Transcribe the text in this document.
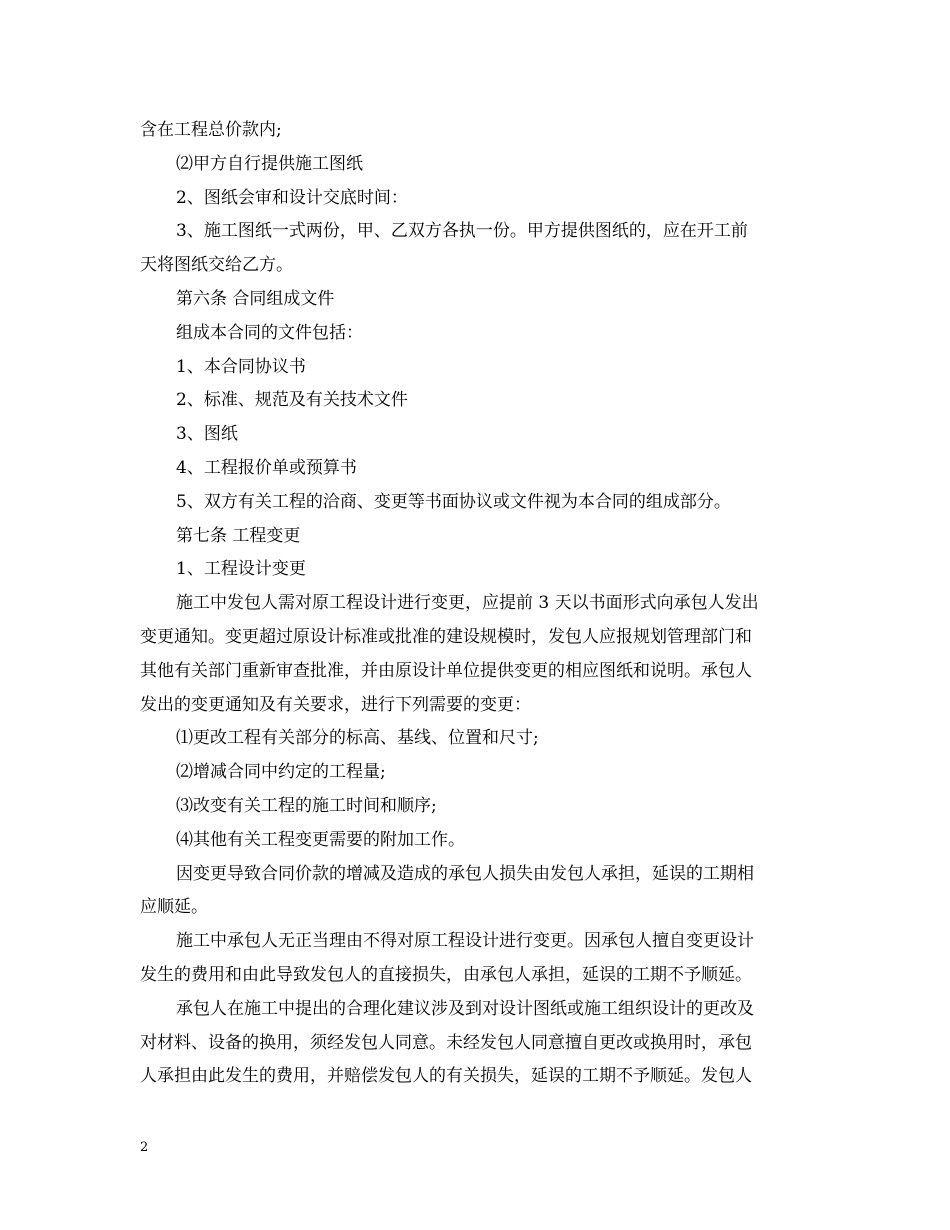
含在工程总价款内;
⑵甲方自行提供施工图纸
2、图纸会审和设计交底时间：
3、施工图纸一式两份，甲、乙双方各执一份。甲方提供图纸的，应在开工前
天将图纸交给乙方。
第六条 合同组成文件
组成本合同的文件包括：
1、本合同协议书
2、标准、规范及有关技术文件
3、图纸
4、工程报价单或预算书
5、双方有关工程的洽商、变更等书面协议或文件视为本合同的组成部分。
第七条 工程变更
1、工程设计变更
施工中发包人需对原工程设计进行变更，应提前 3 天以书面形式向承包人发出
变更通知。变更超过原设计标准或批准的建设规模时，发包人应报规划管理部门和
其他有关部门重新审查批准，并由原设计单位提供变更的相应图纸和说明。承包人
发出的变更通知及有关要求，进行下列需要的变更：
⑴更改工程有关部分的标高、基线、位置和尺寸;
⑵增减合同中约定的工程量;
⑶改变有关工程的施工时间和顺序;
⑷其他有关工程变更需要的附加工作。
因变更导致合同价款的增减及造成的承包人损失由发包人承担，延误的工期相
应顺延。
施工中承包人无正当理由不得对原工程设计进行变更。因承包人擅自变更设计
发生的费用和由此导致发包人的直接损失，由承包人承担，延误的工期不予顺延。
承包人在施工中提出的合理化建议涉及到对设计图纸或施工组织设计的更改及
对材料、设备的换用，须经发包人同意。未经发包人同意擅自更改或换用时，承包
人承担由此发生的费用，并赔偿发包人的有关损失，延误的工期不予顺延。发包人
2
